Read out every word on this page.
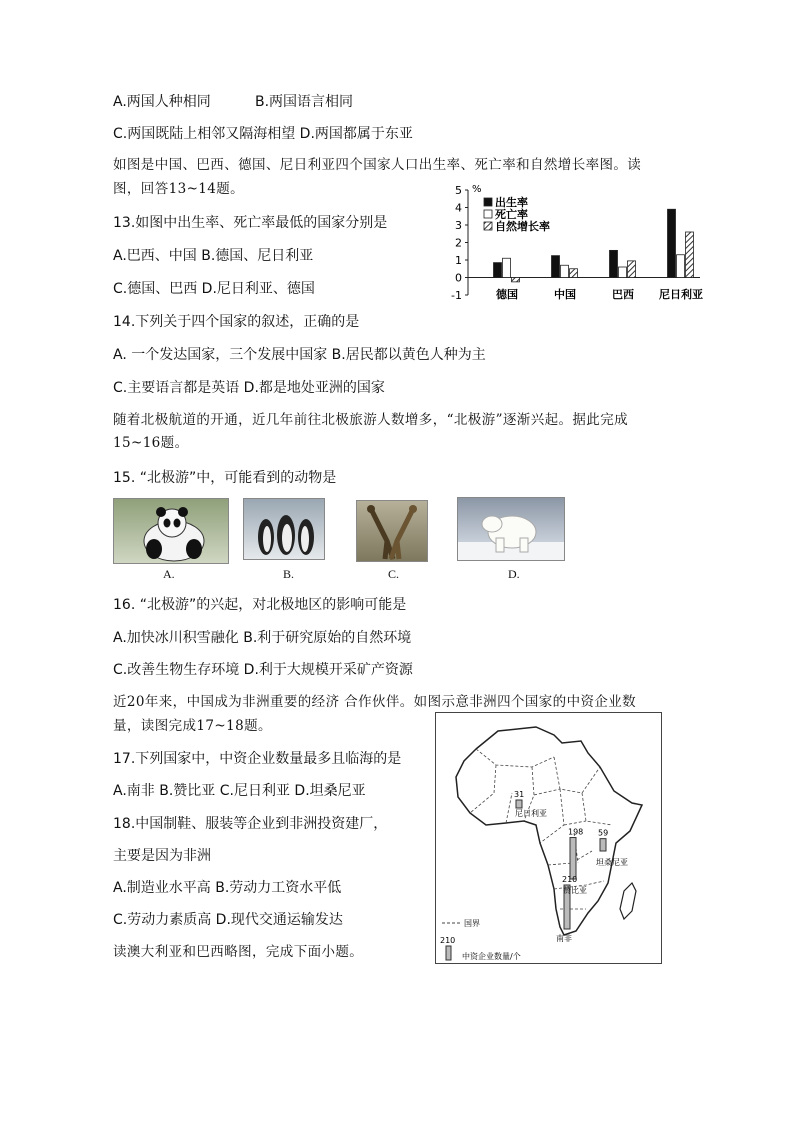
A.两国人种相同	B.两国语言相同
C.两国既陆上相邻又隔海相望 D.两国都属于东亚
如图是中国、巴西、德国、尼日利亚四个国家人口出生率、死亡率和自然增长率图。读
图，回答13~14题。
13.如图中出生率、死亡率最低的国家分别是
A.巴西、中国 B.德国、尼日利亚
C.德国、巴西 D.尼日利亚、德国
%
5
4
3
2
1
0
-1	德国	中国	巴西 尼日利亚
出生率
死亡率
自然增长率
14.下列关于四个国家的叙述，正确的是
A. 一个发达国家，三个发展中国家 B.居民都以黄色人种为主
C.主要语言都是英语 D.都是地处亚洲的国家
随着北极航道的开通，近几年前往北极旅游人数增多，“北极游”逐渐兴起。据此完成
15~16题。
15. “北极游”中，可能看到的动物是
A.	B.	C.	D.
16. “北极游”的兴起，对北极地区的影响可能是
A.加快冰川积雪融化 B.利于研究原始的自然环境
C.改善生物生存环境 D.利于大规模开采矿产资源
近20年来，中国成为非洲重要的经济 合作伙伴。如图示意非洲四个国家的中资企业数
量，读图完成17~18题。
17.下列国家中，中资企业数量最多且临海的是
A.南非 B.赞比亚 C.尼日利亚 D.坦桑尼亚
18.中国制鞋、服装等企业到非洲投资建厂，
主要是因为非洲
A.制造业水平高 B.劳动力工资水平低
C.劳动力素质高 D.现代交通运输发达
读澳大利亚和巴西略图，完成下面小题。
31
59
198
210
尼日利亚
坦桑尼亚
赞比亚
南非
国界
210
中资企业数量/个
